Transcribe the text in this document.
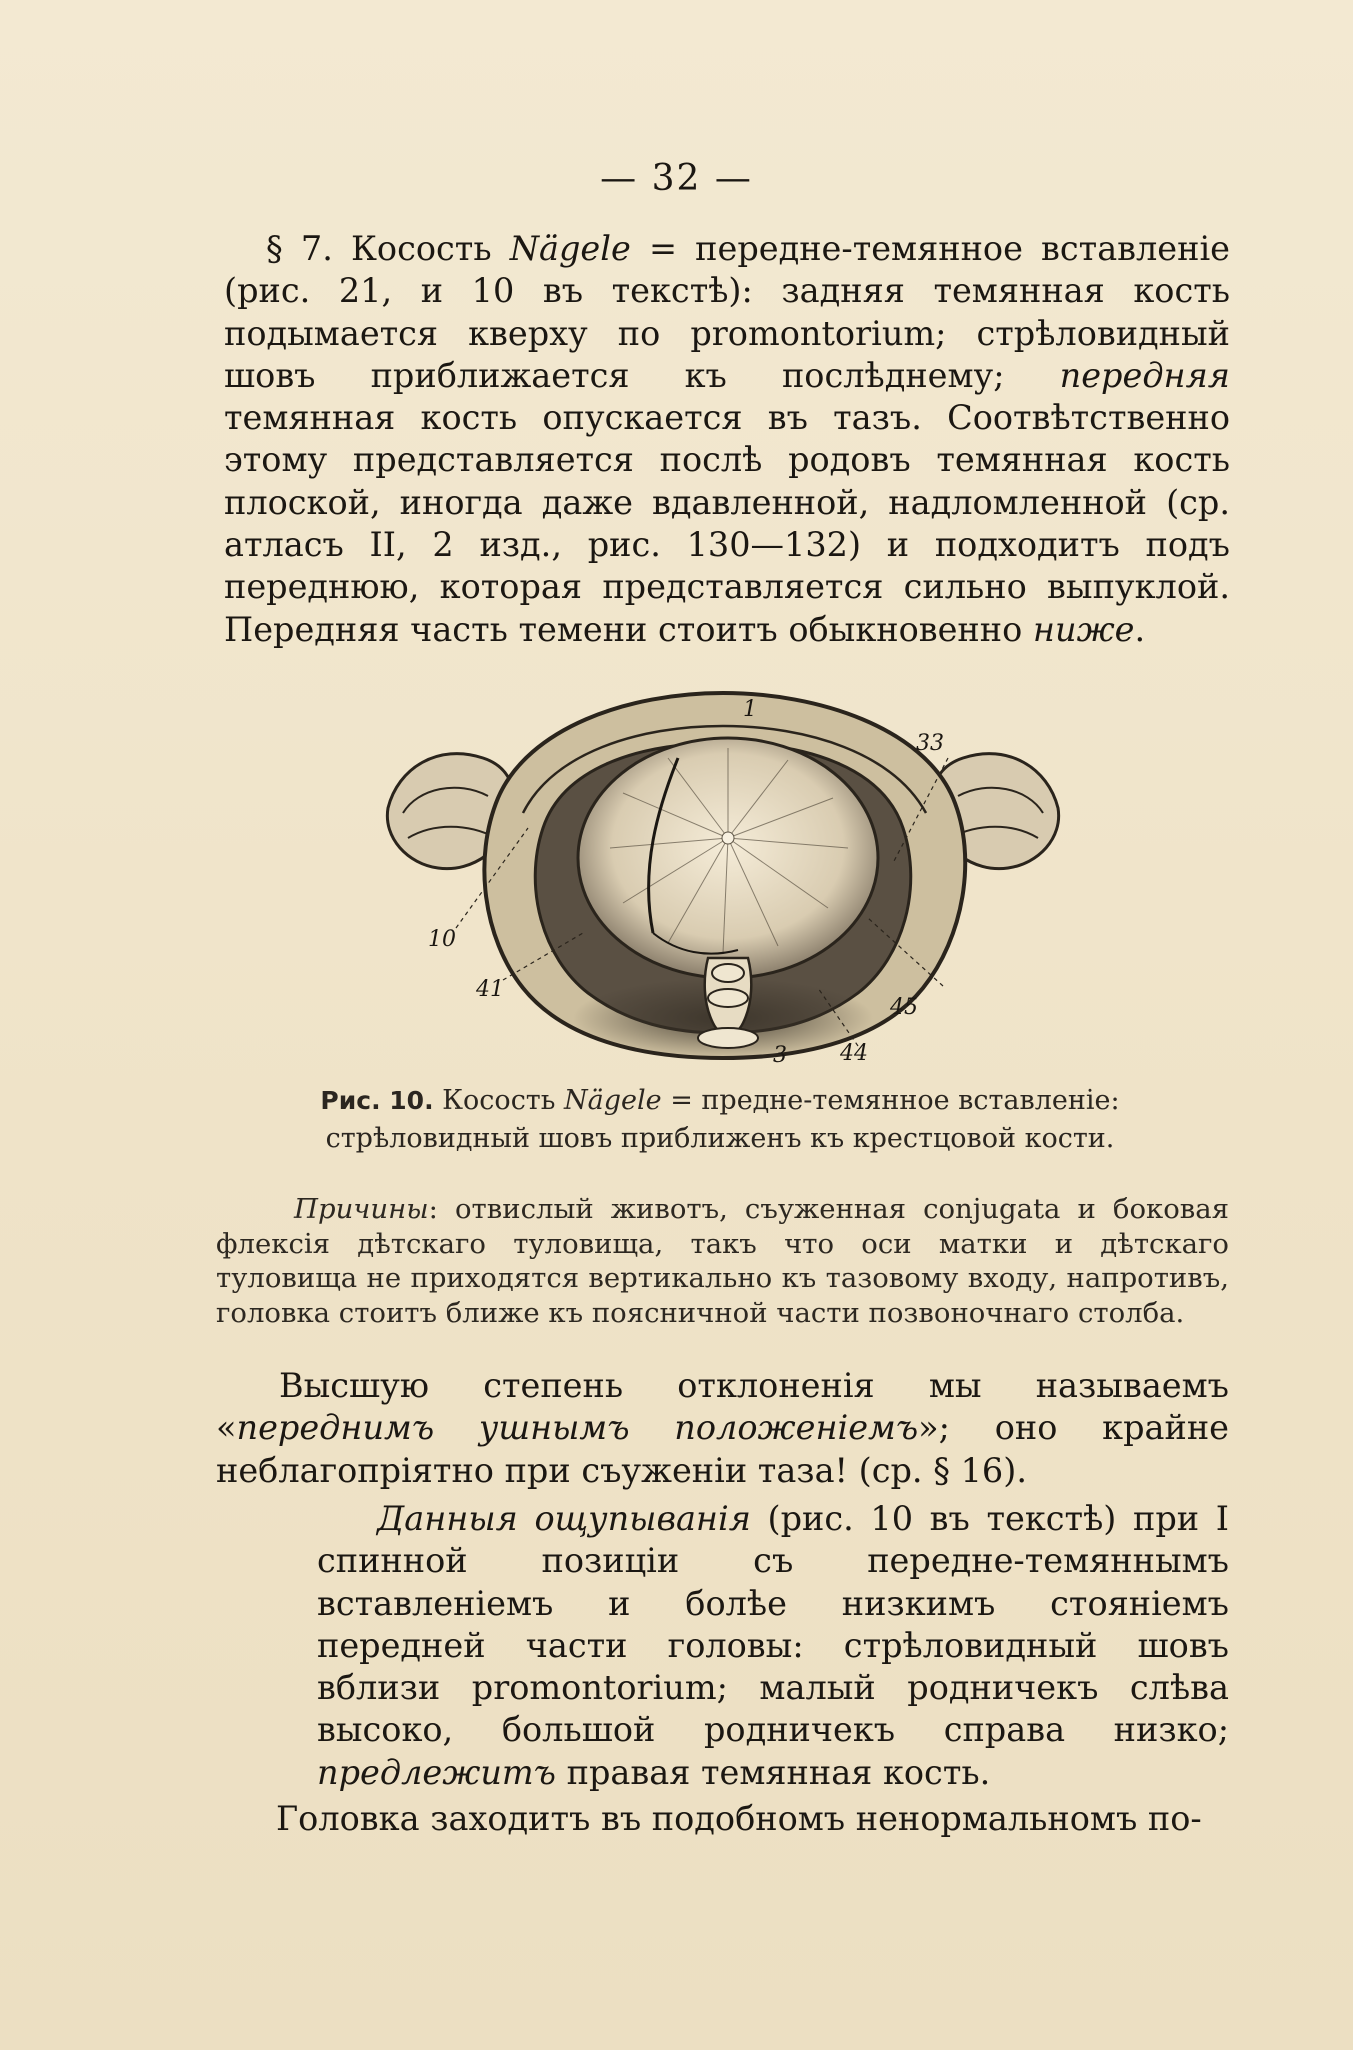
— 32 —
§ 7. Косость Nägele = передне-темянное вставленіе (рис. 21, и 10 въ текстѣ): задняя темянная кость подымается кверху по promontorium; стрѣловидный шовъ приближается къ послѣднему; передняя темянная кость опускается въ тазъ. Соотвѣтственно этому представляется послѣ родовъ темянная кость плоской, иногда даже вдавленной, надломленной (ср. атласъ II, 2 изд., рис. 130—132) и подходитъ подъ переднюю, которая представляется сильно выпуклой. Передняя часть темени стоитъ обыкновенно ниже.
1
10
33
41
45
3 44
Рис. 10. Косость Nägele = предне-темянное вставленіе: стрѣловидный шовъ приближенъ къ крестцовой кости.
Причины: отвислый животъ, съуженная conjugata и боковая флексія дѣтскаго туловища, такъ что оси матки и дѣтскаго туловища не приходятся вертикально къ тазовому входу, напротивъ, головка стоитъ ближе къ поясничной части позвоночнаго столба.
Высшую степень отклоненія мы называемъ «переднимъ ушнымъ положеніемъ»; оно крайне неблагопріятно при съуженіи таза! (ср. § 16).
Данныя ощупыванія (рис. 10 въ текстѣ) при I спинной позиціи съ передне-темяннымъ вставленіемъ и болѣе низкимъ стояніемъ передней части головы: стрѣловидный шовъ вблизи promontorium; малый родничекъ слѣва высоко, большой родничекъ справа низко; предлежитъ правая темянная кость.
Головка заходитъ въ подобномъ ненормальномъ по-
